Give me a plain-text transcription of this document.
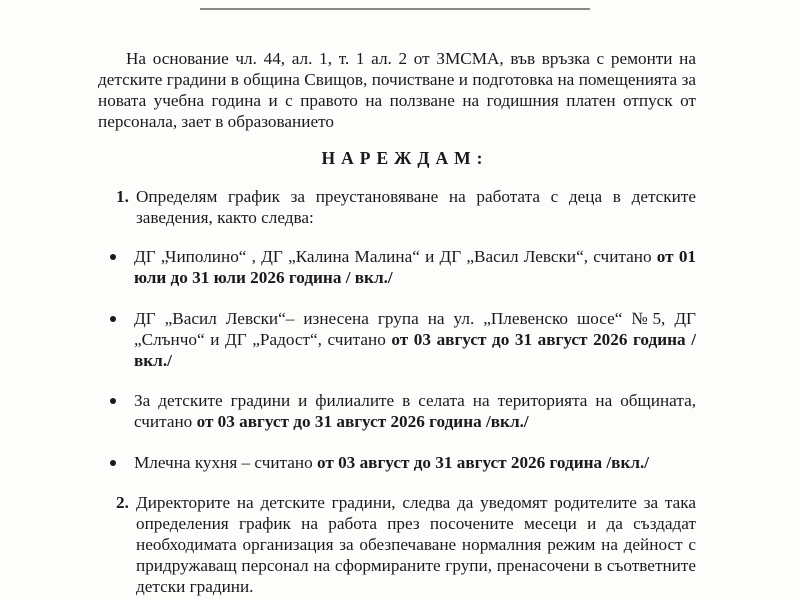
На основание чл. 44, ал. 1, т. 1 ал. 2 от ЗМСМА, във връзка с ремонти на детските градини в община Свищов, почистване и подготовка на помещенията за новата учебна година и с правото на ползване на годишния платен отпуск от персонала, зает в образованието
НАРЕЖДАМ:
1. Определям график за преустановяване на работата с деца в детските заведения, както следва:
ДГ „Чиполино“ , ДГ „Калина Малина“ и ДГ „Васил Левски“, считано от 01 юли до 31 юли 2026 година / вкл./
ДГ „Васил Левски“– изнесена група на ул. „Плевенско шосе“ №5, ДГ „Слънчо“ и ДГ „Радост“, считано от 03 август до 31 август 2026 година /вкл./
За детските градини и филиалите в селата на територията на общината, считано от 03 август до 31 август 2026 година /вкл./
Млечна кухня – считано от 03 август до 31 август 2026 година /вкл./
2. Директорите на детските градини, следва да уведомят родителите за така определения график на работа през посочените месеци и да създадат необходимата организация за обезпечаване нормалния режим на дейност с придружаващ персонал на сформираните групи, пренасочени в съответните детски градини.
